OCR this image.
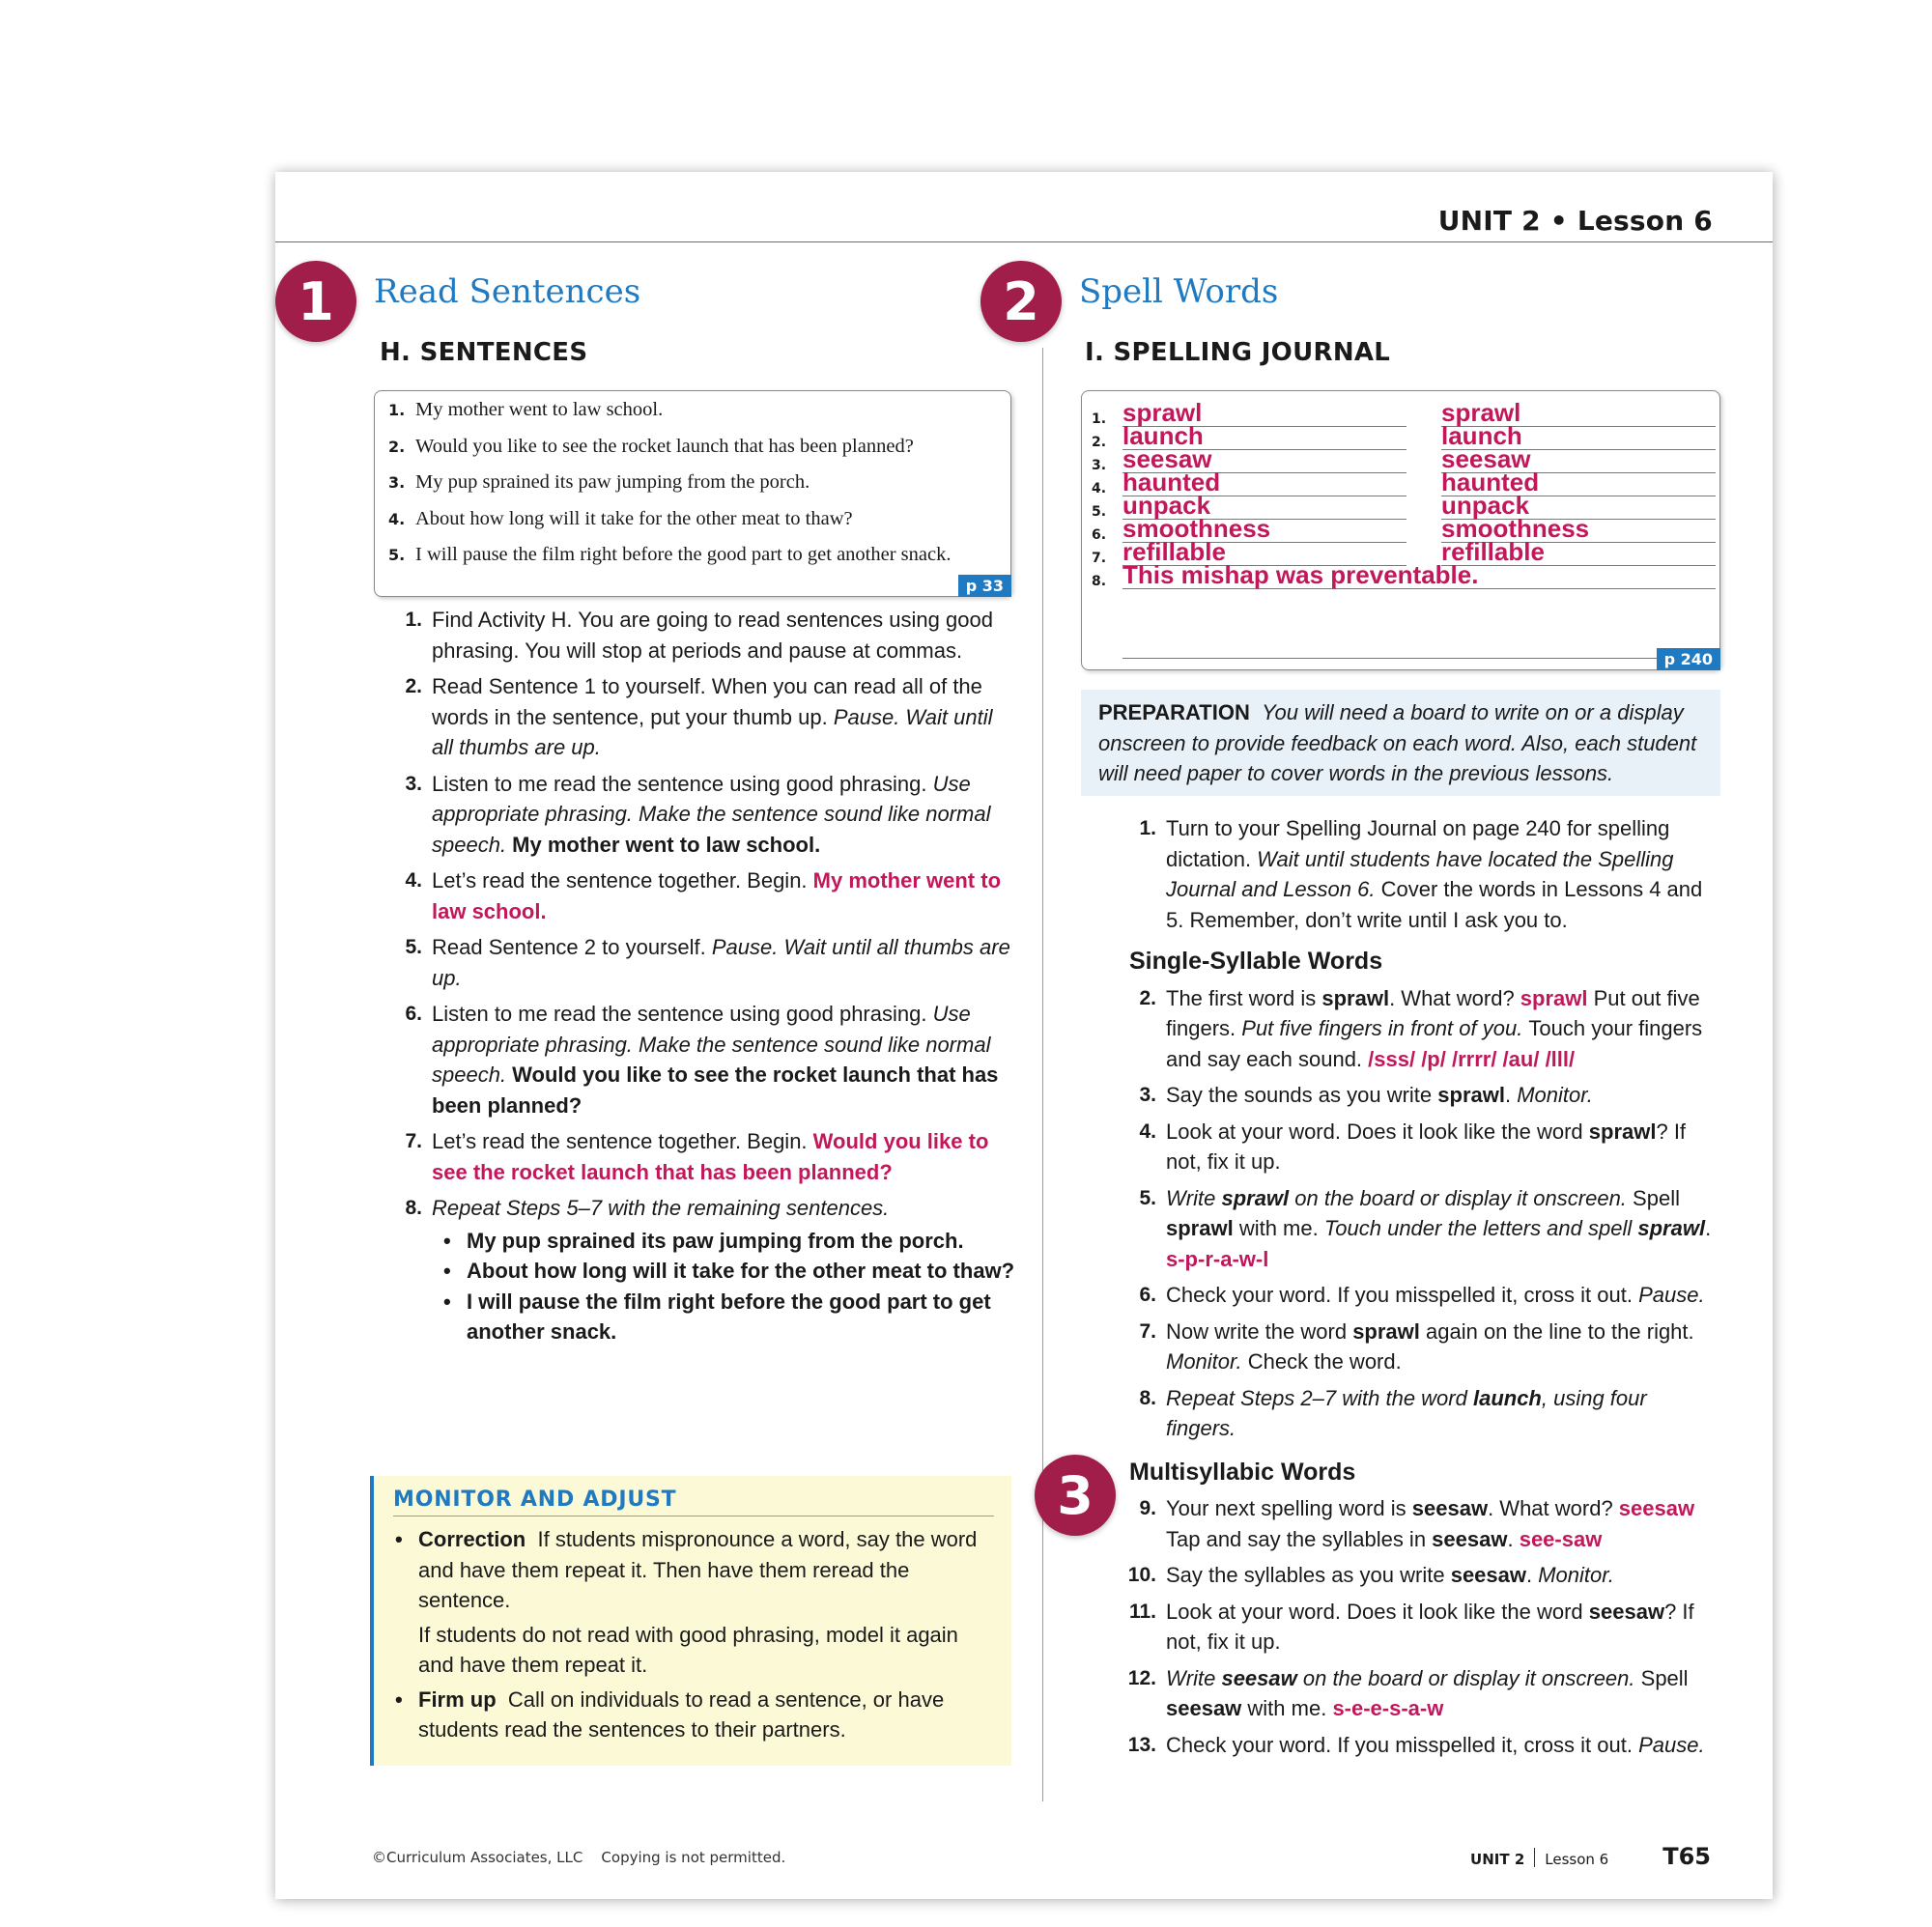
UNIT 2 • Lesson 6
1	Read Sentences
H. SENTENCES
1. My mother went to law school.
2. Would you like to see the rocket launch that has been planned?
3. My pup sprained its paw jumping from the porch.
4. About how long will it take for the other meat to thaw?
5. I will pause the film right before the good part to get another snack.
p 33
1. Find Activity H. You are going to read sentences using good phrasing. You will stop at periods and pause at commas.
2. Read Sentence 1 to yourself. When you can read all of the words in the sentence, put your thumb up. Pause. Wait until all thumbs are up.
3. Listen to me read the sentence using good phrasing. Use appropriate phrasing. Make the sentence sound like normal speech. My mother went to law school.
4. Let’s read the sentence together. Begin. My mother went to law school.
5. Read Sentence 2 to yourself. Pause. Wait until all thumbs are up.
6. Listen to me read the sentence using good phrasing. Use appropriate phrasing. Make the sentence sound like normal speech. Would you like to see the rocket launch that has been planned?
7. Let’s read the sentence together. Begin. Would you like to see the rocket launch that has been planned?
8. Repeat Steps 5–7 with the remaining sentences.
• My pup sprained its paw jumping from the porch.
• About how long will it take for the other meat to thaw?
• I will pause the film right before the good part to get another snack.
MONITOR AND ADJUST
• Correction If students mispronounce a word, say the word and have them repeat it. Then have them reread the sentence.

If students do not read with good phrasing, model it again and have them repeat it.

• Firm up Call on individuals to read a sentence, or have students read the sentences to their partners.
2	Spell Words
I. SPELLING JOURNAL
1. sprawl	sprawl
2. launch	launch
3. seesaw	seesaw
4. haunted	haunted
5. unpack	unpack
6. smoothness	smoothness
7. refillable	refillable
8. This mishap was preventable.
p 240
PREPARATION You will need a board to write on or a display onscreen to provide feedback on each word. Also, each student will need paper to cover words in the previous lessons.
1. Turn to your Spelling Journal on page 240 for spelling dictation. Wait until students have located the Spelling Journal and Lesson 6. Cover the words in Lessons 4 and 5. Remember, don’t write until I ask you to.
Single-Syllable Words
2. The first word is sprawl. What word? sprawl Put out five fingers. Put five fingers in front of you. Touch your fingers and say each sound. /sss/ /p/ /rrrr/ /au/ /lll/
3. Say the sounds as you write sprawl. Monitor.
4. Look at your word. Does it look like the word sprawl? If not, fix it up.
5. Write sprawl on the board or display it onscreen. Spell sprawl with me. Touch under the letters and spell sprawl. s-p-r-a-w-l
6. Check your word. If you misspelled it, cross it out. Pause.
7. Now write the word sprawl again on the line to the right. Monitor. Check the word.
8. Repeat Steps 2–7 with the word launch, using four fingers.
Multisyllabic Words
9. Your next spelling word is seesaw. What word? seesaw Tap and say the syllables in seesaw. see-saw
10. Say the syllables as you write seesaw. Monitor.
11. Look at your word. Does it look like the word seesaw? If not, fix it up.
12. Write seesaw on the board or display it onscreen. Spell seesaw with me. s-e-e-s-a-w
13. Check your word. If you misspelled it, cross it out. Pause.
3
©Curriculum Associates, LLC    Copying is not permitted.	UNIT 2 Lesson 6 T65
